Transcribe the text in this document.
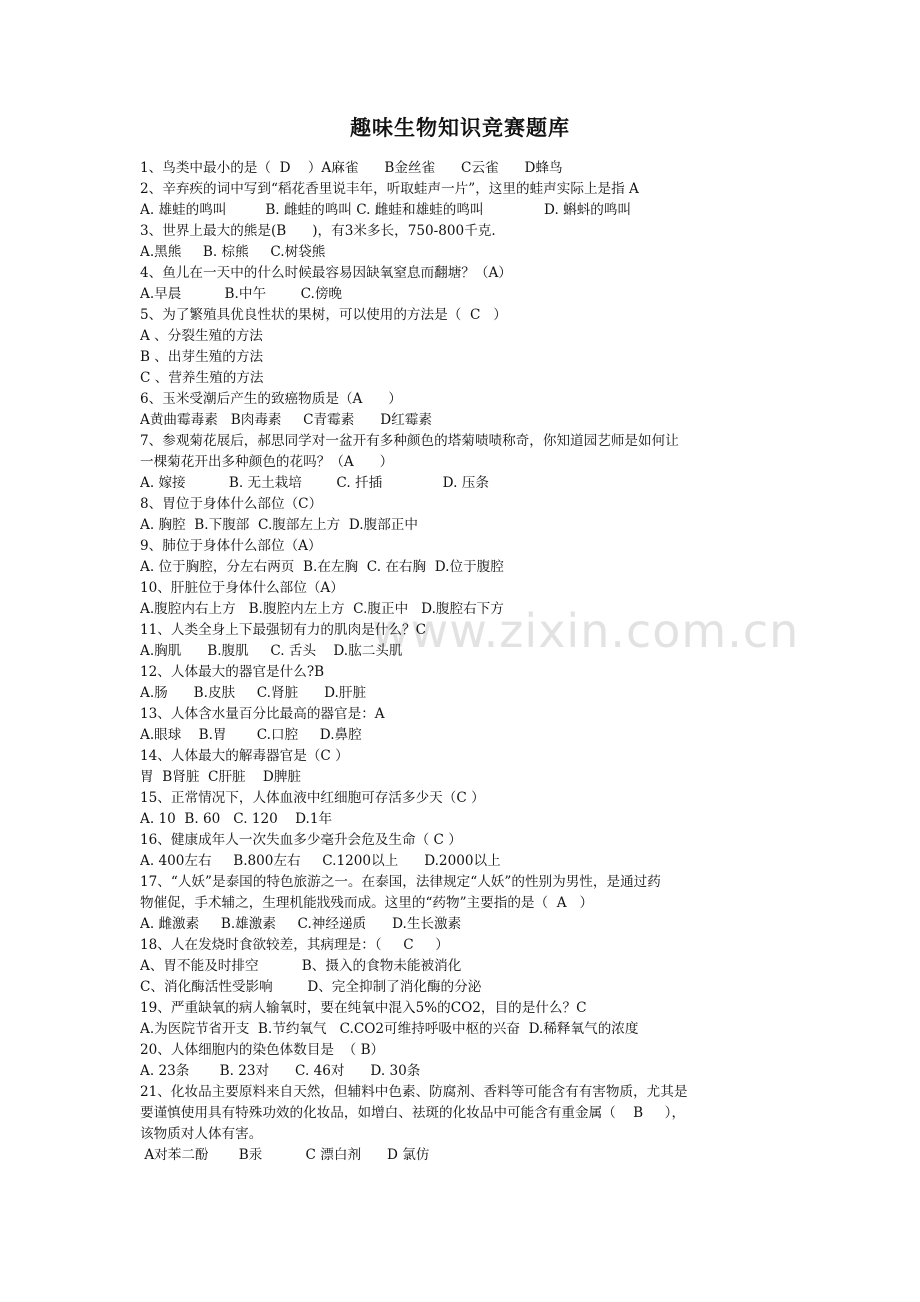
www.zixin.com.cn
趣味生物知识竞赛题库
1、鸟类中最小的是（  D    ）A麻雀      B金丝雀      C云雀      D蜂鸟
2、辛弃疾的词中写到“稻花香里说丰年，听取蛙声一片”，这里的蛙声实际上是指 A
A. 雄蛙的鸣叫         B. 雌蛙的鸣叫 C. 雌蛙和雄蛙的鸣叫              D. 蝌蚪的鸣叫
3、世界上最大的熊是(B      )，有3米多长，750-800千克.
A.黑熊     B. 棕熊     C.树袋熊
4、鱼儿在一天中的什么时候最容易因缺氧窒息而翻塘？（A）
A.早晨          B.中午        C.傍晚
5、为了繁殖具优良性状的果树，可以使用的方法是（  C   ）
A 、分裂生殖的方法
B 、出芽生殖的方法
C 、营养生殖的方法
6、玉米受潮后产生的致癌物质是（A      ）
A黄曲霉毒素   B肉毒素     C青霉素      D红霉素
7、参观菊花展后，郝思同学对一盆开有多种颜色的塔菊啧啧称奇，你知道园艺师是如何让
一棵菊花开出多种颜色的花吗？（A      ）
A. 嫁接          B. 无土栽培        C. 扦插              D. 压条
8、胃位于身体什么部位（C）
A. 胸腔  B.下腹部  C.腹部左上方  D.腹部正中
9、肺位于身体什么部位（A）
A. 位于胸腔，分左右两页  B.在左胸  C. 在右胸  D.位于腹腔
10、肝脏位于身体什么部位（A）
A.腹腔内右上方   B.腹腔内左上方  C.腹正中   D.腹腔右下方
11、人类全身上下最强韧有力的肌肉是什么？C
A.胸肌      B.腹肌     C. 舌头    D.肱二头肌
12、人体最大的器官是什么?B
A.肠      B.皮肤     C.肾脏      D.肝脏
13、人体含水量百分比最高的器官是：A
A.眼球    B.胃       C.口腔     D.鼻腔
14、人体最大的解毒器官是（C ）
胃  B肾脏  C肝脏    D脾脏
15、正常情况下，人体血液中红细胞可存活多少天（C ）
A. 10  B. 60   C. 120    D.1年
16、健康成年人一次失血多少毫升会危及生命（ C ）
A. 400左右     B.800左右     C.1200以上      D.2000以上
17、“人妖”是泰国的特色旅游之一。在泰国，法律规定“人妖”的性别为男性，是通过药
物催促，手术辅之，生理机能戕残而成。这里的“药物”主要指的是（  A   ）
A. 雌激素     B.雄激素     C.神经递质      D.生长激素
18、人在发烧时食欲较差，其病理是：（     C     ）
A、胃不能及时排空          B、摄入的食物未能被消化
C、消化酶活性受影响        D、完全抑制了消化酶的分泌
19、严重缺氧的病人输氧时，要在纯氧中混入5%的CO2，目的是什么？C
A.为医院节省开支  B.节约氧气   C.CO2可维持呼吸中枢的兴奋  D.稀释氧气的浓度
20、人体细胞内的染色体数目是  （ B）
A. 23条       B. 23对      C. 46对      D. 30条
21、化妆品主要原料来自天然，但辅料中色素、防腐剂、香料等可能含有有害物质，尤其是
要谨慎使用具有特殊功效的化妆品，如增白、祛斑的化妆品中可能含有重金属（    B     ），
该物质对人体有害。
A对苯二酚       B汞          C 漂白剂      D 氯仿
